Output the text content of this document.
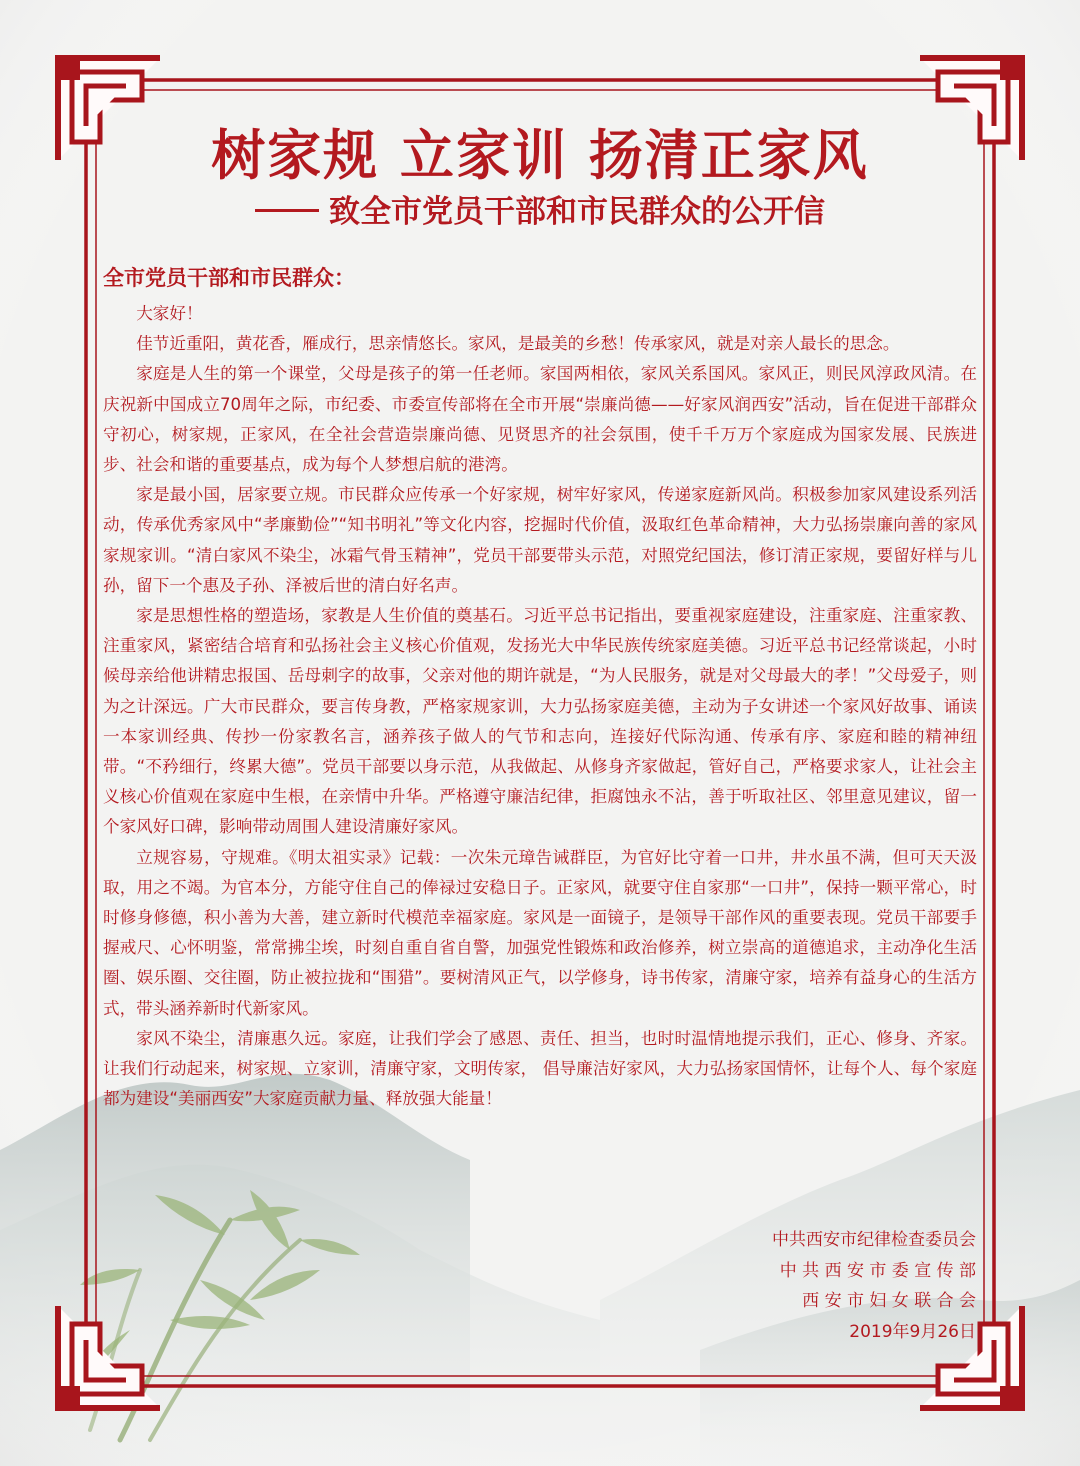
树家规 立家训 扬清正家风
致全市党员干部和市民群众的公开信
全市党员干部和市民群众：

大家好！

佳节近重阳，黄花香，雁成行，思亲情悠长。家风，是最美的乡愁！传承家风，就是对亲人最长的思念。

家庭是人生的第一个课堂，父母是孩子的第一任老师。家国两相依，家风关系国风。家风正，则民风淳政风清。在庆祝新中国成立70周年之际，市纪委、市委宣传部将在全市开展“崇廉尚德——好家风润西安”活动，旨在促进干部群众守初心，树家规，正家风，在全社会营造崇廉尚德、见贤思齐的社会氛围，使千千万万个家庭成为国家发展、民族进步、社会和谐的重要基点，成为每个人梦想启航的港湾。

家是最小国，居家要立规。市民群众应传承一个好家规，树牢好家风，传递家庭新风尚。积极参加家风建设系列活动，传承优秀家风中“孝廉勤俭”“知书明礼”等文化内容，挖掘时代价值，汲取红色革命精神，大力弘扬崇廉向善的家风家规家训。“清白家风不染尘，冰霜气骨玉精神”，党员干部要带头示范，对照党纪国法，修订清正家规，要留好样与儿孙，留下一个惠及子孙、泽被后世的清白好名声。

家是思想性格的塑造场，家教是人生价值的奠基石。习近平总书记指出，要重视家庭建设，注重家庭、注重家教、注重家风，紧密结合培育和弘扬社会主义核心价值观，发扬光大中华民族传统家庭美德。习近平总书记经常谈起，小时候母亲给他讲精忠报国、岳母刺字的故事，父亲对他的期许就是，“为人民服务，就是对父母最大的孝！”父母爱子，则为之计深远。广大市民群众，要言传身教，严格家规家训，大力弘扬家庭美德，主动为子女讲述一个家风好故事、诵读一本家训经典、传抄一份家教名言，涵养孩子做人的气节和志向，连接好代际沟通、传承有序、家庭和睦的精神纽带。“不矜细行，终累大德”。党员干部要以身示范，从我做起、从修身齐家做起，管好自己，严格要求家人，让社会主义核心价值观在家庭中生根，在亲情中升华。严格遵守廉洁纪律，拒腐蚀永不沾，善于听取社区、邻里意见建议，留一个家风好口碑，影响带动周围人建设清廉好家风。

立规容易，守规难。《明太祖实录》记载：一次朱元璋告诫群臣，为官好比守着一口井，井水虽不满，但可天天汲取，用之不竭。为官本分，方能守住自己的俸禄过安稳日子。正家风，就要守住自家那“一口井”，保持一颗平常心，时时修身修德，积小善为大善，建立新时代模范幸福家庭。家风是一面镜子，是领导干部作风的重要表现。党员干部要手握戒尺、心怀明鉴，常常拂尘埃，时刻自重自省自警，加强党性锻炼和政治修养，树立崇高的道德追求，主动净化生活圈、娱乐圈、交往圈，防止被拉拢和“围猎”。要树清风正气，以学修身，诗书传家，清廉守家，培养有益身心的生活方式，带头涵养新时代新家风。

家风不染尘，清廉惠久远。家庭，让我们学会了感恩、责任、担当，也时时温情地提示我们，正心、修身、齐家。让我们行动起来，树家规、立家训，清廉守家，文明传家， 倡导廉洁好家风，大力弘扬家国情怀，让每个人、每个家庭都为建设“美丽西安”大家庭贡献力量、释放强大能量！

中共西安市纪律检查委员会
中 共 西 安 市 委 宣 传 部
西 安 市 妇 女 联 合 会
2019年9月26日
